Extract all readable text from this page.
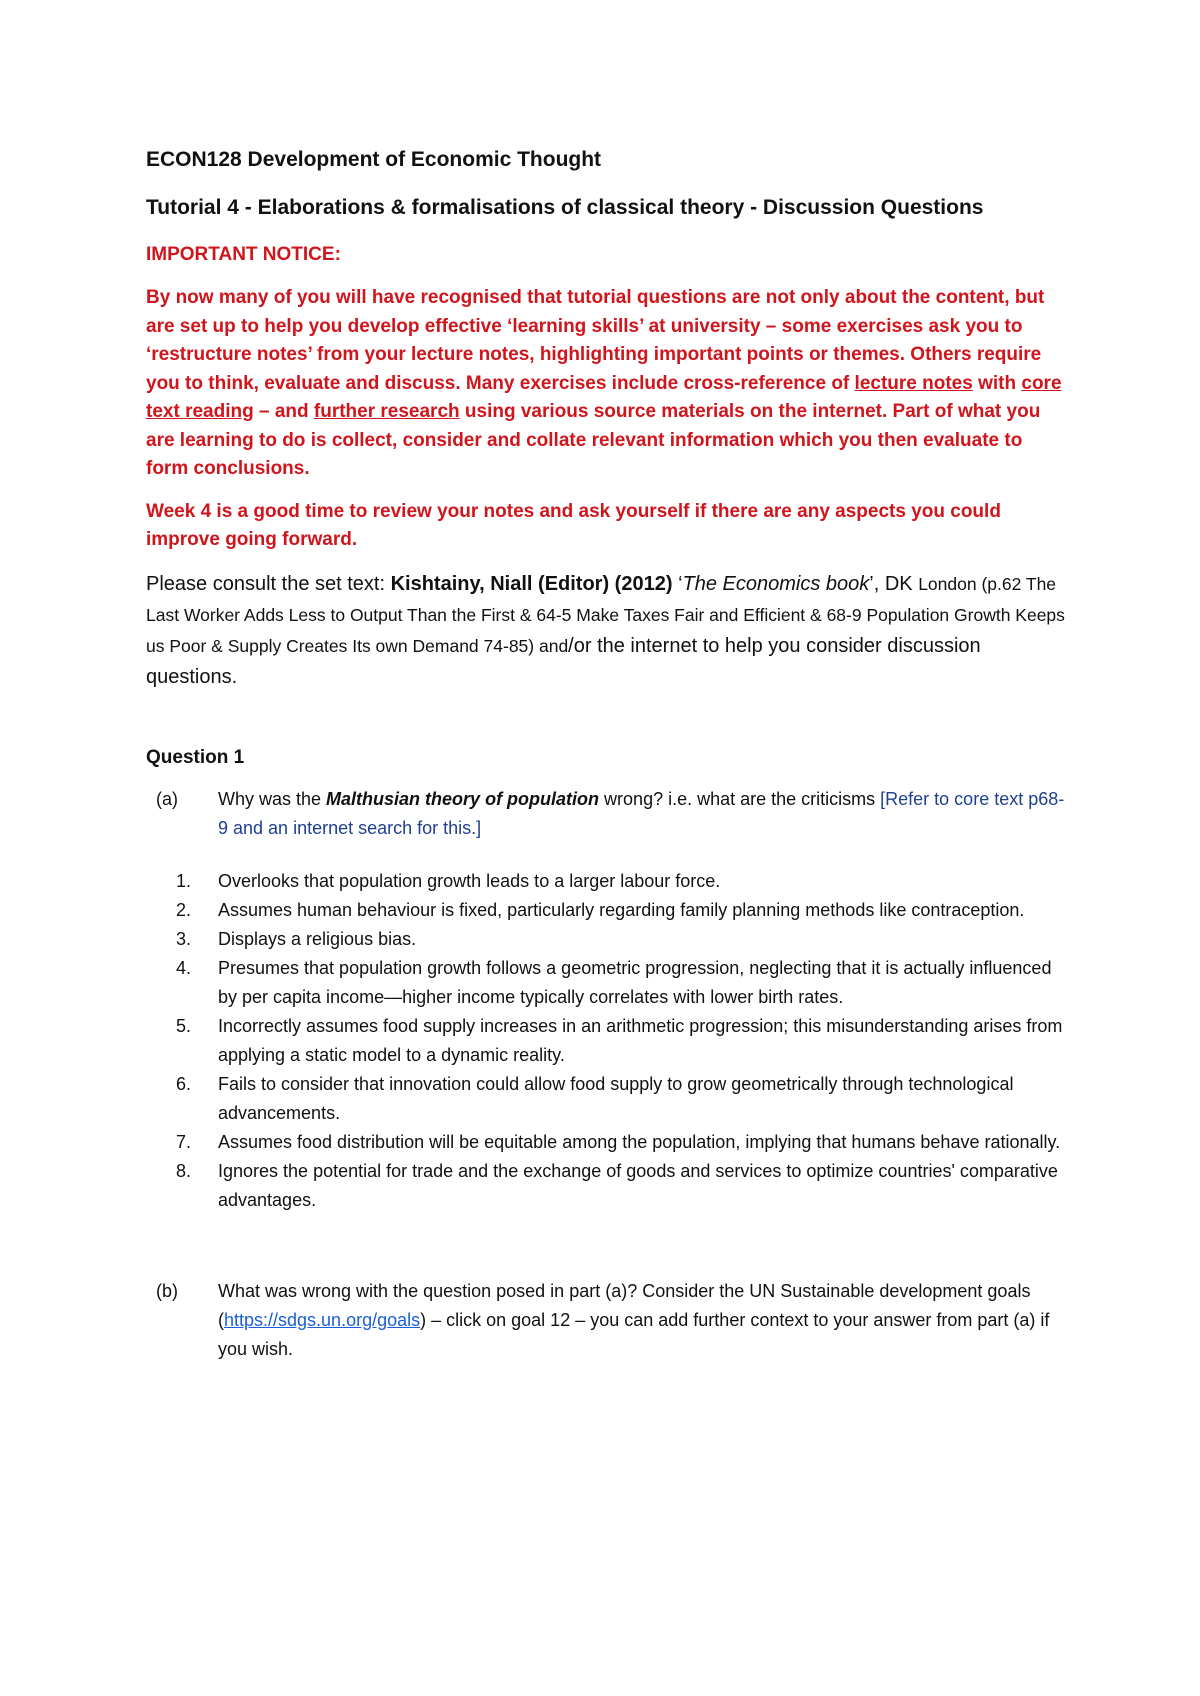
ECON128 Development of Economic Thought
Tutorial 4 - Elaborations & formalisations of classical theory - Discussion Questions
IMPORTANT NOTICE:
By now many of you will have recognised that tutorial questions are not only about the content, but are set up to help you develop effective ‘learning skills’ at university – some exercises ask you to ‘restructure notes’ from your lecture notes, highlighting important points or themes. Others require you to think, evaluate and discuss. Many exercises include cross-reference of lecture notes with core text reading – and further research using various source materials on the internet. Part of what you are learning to do is collect, consider and collate relevant information which you then evaluate to form conclusions.
Week 4 is a good time to review your notes and ask yourself if there are any aspects you could improve going forward.
Please consult the set text: Kishtainy, Niall (Editor) (2012) ‘The Economics book’, DK London (p.62 The Last Worker Adds Less to Output Than the First & 64-5 Make Taxes Fair and Efficient & 68-9 Population Growth Keeps us Poor & Supply Creates Its own Demand 74-85) and/or the internet to help you consider discussion questions.
Question 1
(a)	Why was the Malthusian theory of population wrong? i.e. what are the criticisms [Refer to core text p68-9 and an internet search for this.]
1.	Overlooks that population growth leads to a larger labour force.
2.	Assumes human behaviour is fixed, particularly regarding family planning methods like contraception.
3.	Displays a religious bias.
4.	Presumes that population growth follows a geometric progression, neglecting that it is actually influenced by per capita income—higher income typically correlates with lower birth rates.
5.	Incorrectly assumes food supply increases in an arithmetic progression; this misunderstanding arises from applying a static model to a dynamic reality.
6.	Fails to consider that innovation could allow food supply to grow geometrically through technological advancements.
7.	Assumes food distribution will be equitable among the population, implying that humans behave rationally.
8.	Ignores the potential for trade and the exchange of goods and services to optimize countries' comparative advantages.
(b)	What was wrong with the question posed in part (a)? Consider the UN Sustainable development goals (https://sdgs.un.org/goals) – click on goal 12 – you can add further context to your answer from part (a) if you wish.
